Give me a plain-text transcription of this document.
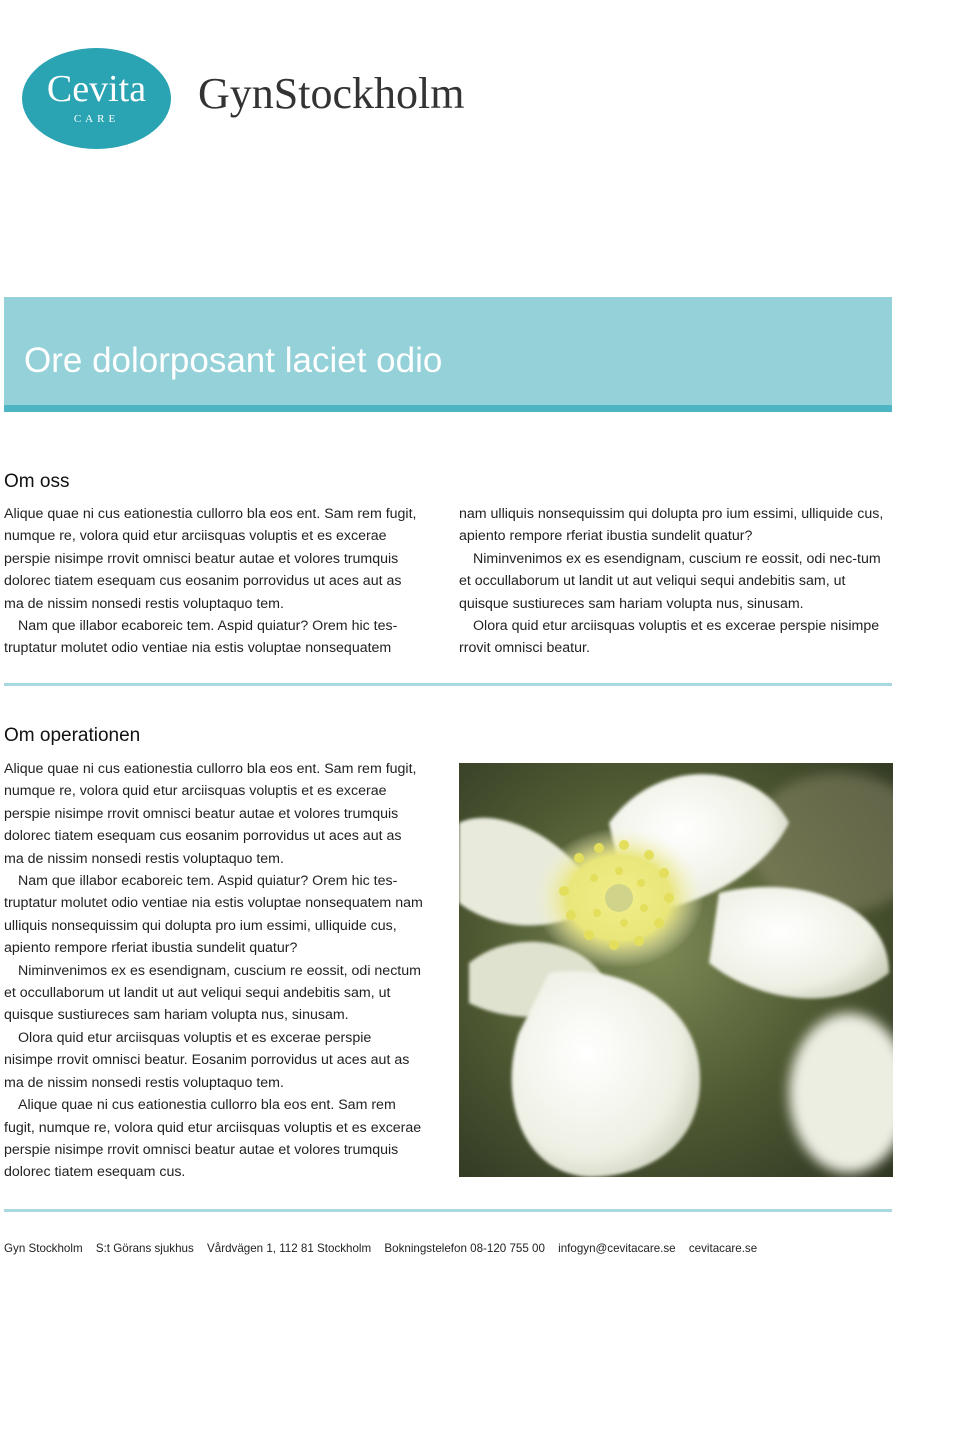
Cevita
CARE
GynStockholm
Ore dolorposant laciet odio
Om oss

Alique quae ni cus eationestia cullorro bla eos ent. Sam rem fugit, numque re, volora quid etur arciisquas voluptis et es excerae perspie nisimpe rrovit omnisci beatur autae et volores trumquis dolorec tiatem esequam cus eosanim porrovidus ut aces aut as ma de nissim nonsedi restis voluptaquo tem.

Nam que illabor ecaboreic tem. Aspid quiatur? Orem hic tes-truptatur molutet odio ventiae nia estis voluptae nonsequatem

nam ulliquis nonsequissim qui dolupta pro ium essimi, ulliquide cus, apiento rempore rferiat ibustia sundelit quatur?

Niminvenimos ex es esendignam, cuscium re eossit, odi nec-tum et occullaborum ut landit ut aut veliqui sequi andebitis sam, ut quisque sustiureces sam hariam volupta nus, sinusam.

Olora quid etur arciisquas voluptis et es excerae perspie nisimpe rrovit omnisci beatur.

Om operationen

Alique quae ni cus eationestia cullorro bla eos ent. Sam rem fugit, numque re, volora quid etur arciisquas voluptis et es excerae perspie nisimpe rrovit omnisci beatur autae et volores trumquis dolorec tiatem esequam cus eosanim porrovidus ut aces aut as ma de nissim nonsedi restis voluptaquo tem.

Nam que illabor ecaboreic tem. Aspid quiatur? Orem hic tes-truptatur molutet odio ventiae nia estis voluptae nonsequatem nam ulliquis nonsequissim qui dolupta pro ium essimi, ulliquide cus, apiento rempore rferiat ibustia sundelit quatur?

Niminvenimos ex es esendignam, cuscium re eossit, odi nectum et occullaborum ut landit ut aut veliqui sequi andebitis sam, ut quisque sustiureces sam hariam volupta nus, sinusam.

Olora quid etur arciisquas voluptis et es excerae perspie nisimpe rrovit omnisci beatur. Eosanim porrovidus ut aces aut as ma de nissim nonsedi restis voluptaquo tem.

Alique quae ni cus eationestia cullorro bla eos ent. Sam rem fugit, numque re, volora quid etur arciisquas voluptis et es excerae perspie nisimpe rrovit omnisci beatur autae et volores trumquis dolorec tiatem esequam cus.

Gyn Stockholm S:t Görans sjukhus Vårdvägen 1, 112 81 Stockholm Bokningstelefon 08-120 755 00 infogyn@cevitacare.se cevitacare.se
